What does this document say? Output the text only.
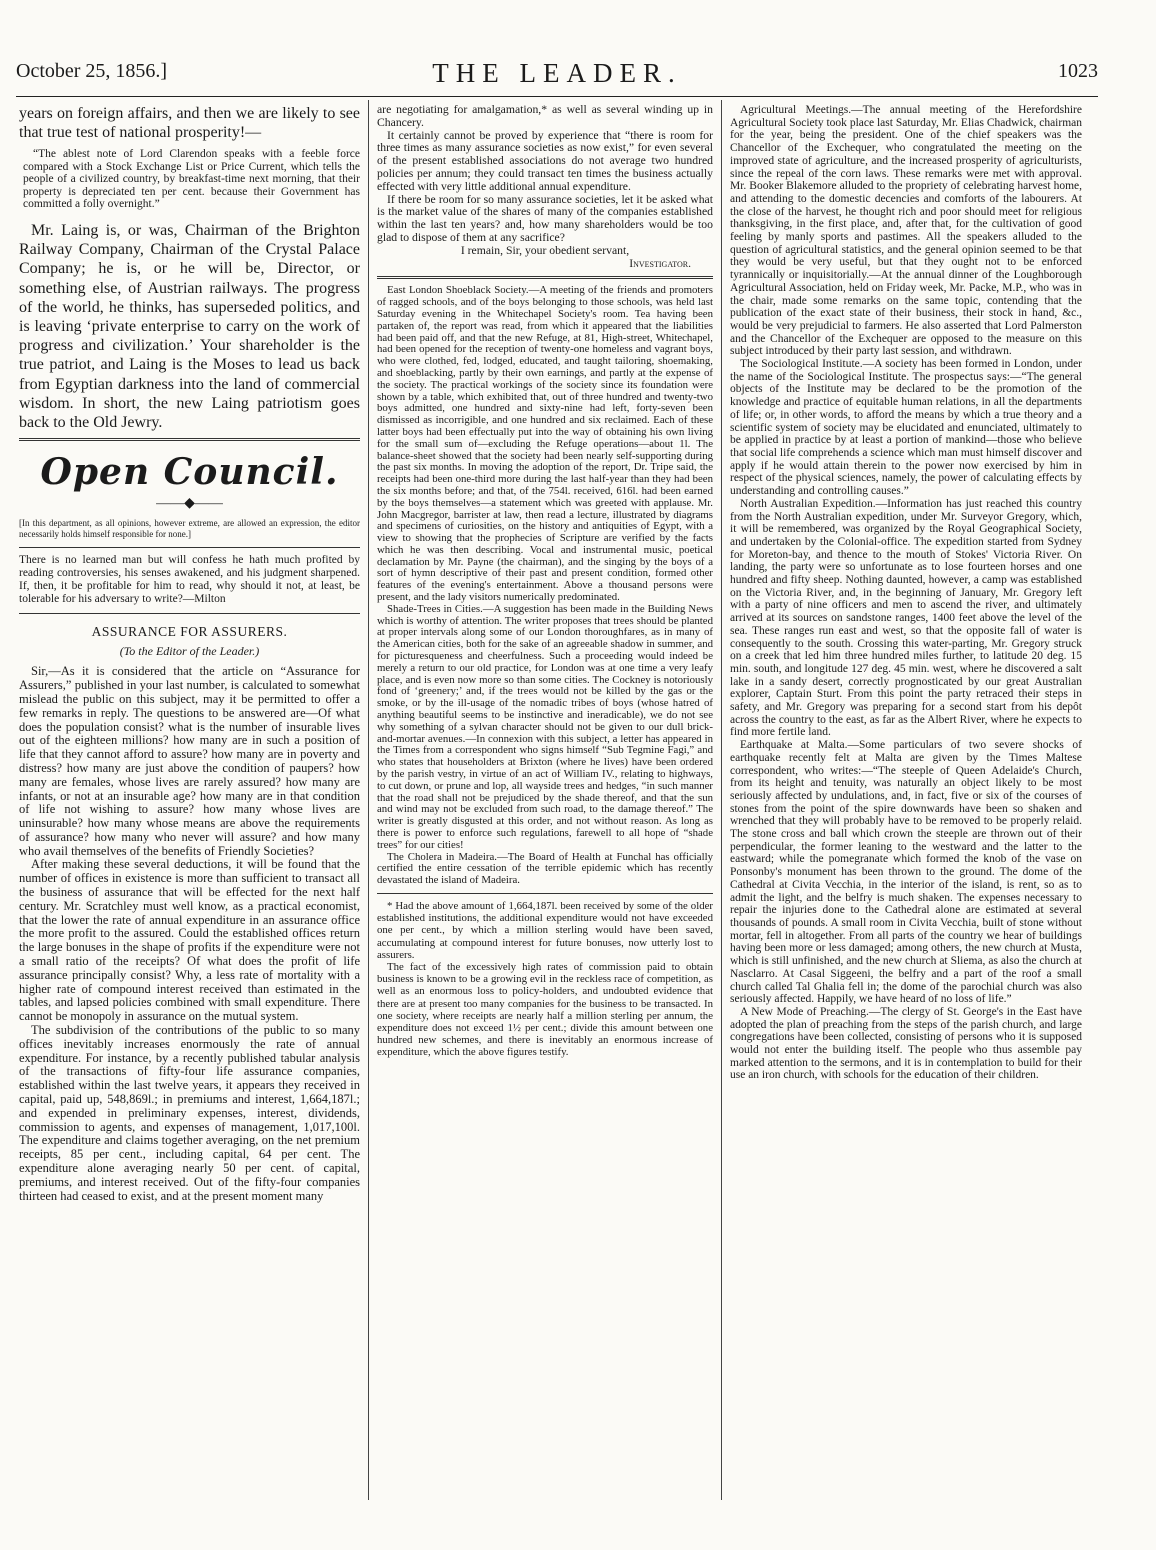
October 25, 1856.]	THE LEADER.	1023

years on foreign affairs, and then we are likely to see that true test of national prosperity!—

“The ablest note of Lord Clarendon speaks with a feeble force compared with a Stock Exchange List or Price Current, which tells the people of a civilized country, by breakfast-time next morning, that their property is depreciated ten per cent. because their Government has committed a folly overnight.”

Mr. Laing is, or was, Chairman of the Brighton Railway Company, Chairman of the Crystal Palace Company; he is, or he will be, Director, or something else, of Austrian railways. The progress of the world, he thinks, has superseded politics, and is leaving ‘private enterprise to carry on the work of progress and civilization.’ Your shareholder is the true patriot, and Laing is the Moses to lead us back from Egyptian darkness into the land of commercial wisdom. In short, the new Laing patriotism goes back to the Old Jewry.

Open Council.
——◆——

[In this department, as all opinions, however extreme, are allowed an expression, the editor necessarily holds himself responsible for none.]

There is no learned man but will confess he hath much profited by reading controversies, his senses awakened, and his judgment sharpened. If, then, it be profitable for him to read, why should it not, at least, be tolerable for his adversary to write?—Milton

ASSURANCE FOR ASSURERS.

(To the Editor of the Leader.)

Sir,—As it is considered that the article on “Assurance for Assurers,” published in your last number, is calculated to somewhat mislead the public on this subject, may it be permitted to offer a few remarks in reply. The questions to be answered are—Of what does the population consist? what is the number of insurable lives out of the eighteen millions? how many are in such a position of life that they cannot afford to assure? how many are in poverty and distress? how many are just above the condition of paupers? how many are females, whose lives are rarely assured? how many are infants, or not at an insurable age? how many are in that condition of life not wishing to assure? how many whose lives are uninsurable? how many whose means are above the requirements of assurance? how many who never will assure? and how many who avail themselves of the benefits of Friendly Societies?

After making these several deductions, it will be found that the number of offices in existence is more than sufficient to transact all the business of assurance that will be effected for the next half century. Mr. Scratchley must well know, as a practical economist, that the lower the rate of annual expenditure in an assurance office the more profit to the assured. Could the established offices return the large bonuses in the shape of profits if the expenditure were not a small ratio of the receipts? Of what does the profit of life assurance principally consist? Why, a less rate of mortality with a higher rate of compound interest received than estimated in the tables, and lapsed policies combined with small expenditure. There cannot be monopoly in assurance on the mutual system.

The subdivision of the contributions of the public to so many offices inevitably increases enormously the rate of annual expenditure. For instance, by a recently published tabular analysis of the transactions of fifty-four life assurance companies, established within the last twelve years, it appears they received in capital, paid up, 548,869l.; in premiums and interest, 1,664,187l.; and expended in preliminary expenses, interest, dividends, commission to agents, and expenses of management, 1,017,100l. The expenditure and claims together averaging, on the net premium receipts, 85 per cent., including capital, 64 per cent. The expenditure alone averaging nearly 50 per cent. of capital, premiums, and interest received. Out of the fifty-four companies thirteen had ceased to exist, and at the present moment many

are negotiating for amalgamation,* as well as several winding up in Chancery.

It certainly cannot be proved by experience that “there is room for three times as many assurance societies as now exist,” for even several of the present established associations do not average two hundred policies per annum; they could transact ten times the business actually effected with very little additional annual expenditure.

If there be room for so many assurance societies, let it be asked what is the market value of the shares of many of the companies established within the last ten years? and, how many shareholders would be too glad to dispose of them at any sacrifice?

I remain, Sir, your obedient servant,

Investigator.

East London Shoeblack Society.—A meeting of the friends and promoters of ragged schools, and of the boys belonging to those schools, was held last Saturday evening in the Whitechapel Society's room. Tea having been partaken of, the report was read, from which it appeared that the liabilities had been paid off, and that the new Refuge, at 81, High-street, Whitechapel, had been opened for the reception of twenty-one homeless and vagrant boys, who were clothed, fed, lodged, educated, and taught tailoring, shoemaking, and shoeblacking, partly by their own earnings, and partly at the expense of the society. The practical workings of the society since its foundation were shown by a table, which exhibited that, out of three hundred and twenty-two boys admitted, one hundred and sixty-nine had left, forty-seven been dismissed as incorrigible, and one hundred and six reclaimed. Each of these latter boys had been effectually put into the way of obtaining his own living for the small sum of—excluding the Refuge operations—about 1l. The balance-sheet showed that the society had been nearly self-supporting during the past six months. In moving the adoption of the report, Dr. Tripe said, the receipts had been one-third more during the last half-year than they had been the six months before; and that, of the 754l. received, 616l. had been earned by the boys themselves—a statement which was greeted with applause. Mr. John Macgregor, barrister at law, then read a lecture, illustrated by diagrams and specimens of curiosities, on the history and antiquities of Egypt, with a view to showing that the prophecies of Scripture are verified by the facts which he was then describing. Vocal and instrumental music, poetical declamation by Mr. Payne (the chairman), and the singing by the boys of a sort of hymn descriptive of their past and present condition, formed other features of the evening's entertainment. Above a thousand persons were present, and the lady visitors numerically predominated.

Shade-Trees in Cities.—A suggestion has been made in the Building News which is worthy of attention. The writer proposes that trees should be planted at proper intervals along some of our London thoroughfares, as in many of the American cities, both for the sake of an agreeable shadow in summer, and for picturesqueness and cheerfulness. Such a proceeding would indeed be merely a return to our old practice, for London was at one time a very leafy place, and is even now more so than some cities. The Cockney is notoriously fond of ‘greenery;’ and, if the trees would not be killed by the gas or the smoke, or by the ill-usage of the nomadic tribes of boys (whose hatred of anything beautiful seems to be instinctive and ineradicable), we do not see why something of a sylvan character should not be given to our dull brick-and-mortar avenues.—In connexion with this subject, a letter has appeared in the Times from a correspondent who signs himself “Sub Tegmine Fagi,” and who states that householders at Brixton (where he lives) have been ordered by the parish vestry, in virtue of an act of William IV., relating to highways, to cut down, or prune and lop, all wayside trees and hedges, “in such manner that the road shall not be prejudiced by the shade thereof, and that the sun and wind may not be excluded from such road, to the damage thereof.” The writer is greatly disgusted at this order, and not without reason. As long as there is power to enforce such regulations, farewell to all hope of “shade trees” for our cities!

The Cholera in Madeira.—The Board of Health at Funchal has officially certified the entire cessation of the terrible epidemic which has recently devastated the island of Madeira.

* Had the above amount of 1,664,187l. been received by some of the older established institutions, the additional expenditure would not have exceeded one per cent., by which a million sterling would have been saved, accumulating at compound interest for future bonuses, now utterly lost to assurers.

The fact of the excessively high rates of commission paid to obtain business is known to be a growing evil in the reckless race of competition, as well as an enormous loss to policy-holders, and undoubted evidence that there are at present too many companies for the business to be transacted. In one society, where receipts are nearly half a million sterling per annum, the expenditure does not exceed 1½ per cent.; divide this amount between one hundred new schemes, and there is inevitably an enormous increase of expenditure, which the above figures testify.

Agricultural Meetings.—The annual meeting of the Herefordshire Agricultural Society took place last Saturday, Mr. Elias Chadwick, chairman for the year, being the president. One of the chief speakers was the Chancellor of the Exchequer, who congratulated the meeting on the improved state of agriculture, and the increased prosperity of agriculturists, since the repeal of the corn laws. These remarks were met with approval. Mr. Booker Blakemore alluded to the propriety of celebrating harvest home, and attending to the domestic decencies and comforts of the labourers. At the close of the harvest, he thought rich and poor should meet for religious thanksgiving, in the first place, and, after that, for the cultivation of good feeling by manly sports and pastimes. All the speakers alluded to the question of agricultural statistics, and the general opinion seemed to be that they would be very useful, but that they ought not to be enforced tyrannically or inquisitorially.—At the annual dinner of the Loughborough Agricultural Association, held on Friday week, Mr. Packe, M.P., who was in the chair, made some remarks on the same topic, contending that the publication of the exact state of their business, their stock in hand, &c., would be very prejudicial to farmers. He also asserted that Lord Palmerston and the Chancellor of the Exchequer are opposed to the measure on this subject introduced by their party last session, and withdrawn.

The Sociological Institute.—A society has been formed in London, under the name of the Sociological Institute. The prospectus says:—“The general objects of the Institute may be declared to be the promotion of the knowledge and practice of equitable human relations, in all the departments of life; or, in other words, to afford the means by which a true theory and a scientific system of society may be elucidated and enunciated, ultimately to be applied in practice by at least a portion of mankind—those who believe that social life comprehends a science which man must himself discover and apply if he would attain therein to the power now exercised by him in respect of the physical sciences, namely, the power of calculating effects by understanding and controlling causes.”

North Australian Expedition.—Information has just reached this country from the North Australian expedition, under Mr. Surveyor Gregory, which, it will be remembered, was organized by the Royal Geographical Society, and undertaken by the Colonial-office. The expedition started from Sydney for Moreton-bay, and thence to the mouth of Stokes' Victoria River. On landing, the party were so unfortunate as to lose fourteen horses and one hundred and fifty sheep. Nothing daunted, however, a camp was established on the Victoria River, and, in the beginning of January, Mr. Gregory left with a party of nine officers and men to ascend the river, and ultimately arrived at its sources on sandstone ranges, 1400 feet above the level of the sea. These ranges run east and west, so that the opposite fall of water is consequently to the south. Crossing this water-parting, Mr. Gregory struck on a creek that led him three hundred miles further, to latitude 20 deg. 15 min. south, and longitude 127 deg. 45 min. west, where he discovered a salt lake in a sandy desert, correctly prognosticated by our great Australian explorer, Captain Sturt. From this point the party retraced their steps in safety, and Mr. Gregory was preparing for a second start from his depôt across the country to the east, as far as the Albert River, where he expects to find more fertile land.

Earthquake at Malta.—Some particulars of two severe shocks of earthquake recently felt at Malta are given by the Times Maltese correspondent, who writes:—“The steeple of Queen Adelaide's Church, from its height and tenuity, was naturally an object likely to be most seriously affected by undulations, and, in fact, five or six of the courses of stones from the point of the spire downwards have been so shaken and wrenched that they will probably have to be removed to be properly relaid. The stone cross and ball which crown the steeple are thrown out of their perpendicular, the former leaning to the westward and the latter to the eastward; while the pomegranate which formed the knob of the vase on Ponsonby's monument has been thrown to the ground. The dome of the Cathedral at Civita Vecchia, in the interior of the island, is rent, so as to admit the light, and the belfry is much shaken. The expenses necessary to repair the injuries done to the Cathedral alone are estimated at several thousands of pounds. A small room in Civita Vecchia, built of stone without mortar, fell in altogether. From all parts of the country we hear of buildings having been more or less damaged; among others, the new church at Musta, which is still unfinished, and the new church at Sliema, as also the church at Nasclarro. At Casal Siggeeni, the belfry and a part of the roof a small church called Tal Ghalia fell in; the dome of the parochial church was also seriously affected. Happily, we have heard of no loss of life.”

A New Mode of Preaching.—The clergy of St. George's in the East have adopted the plan of preaching from the steps of the parish church, and large congregations have been collected, consisting of persons who it is supposed would not enter the building itself. The people who thus assemble pay marked attention to the sermons, and it is in contemplation to build for their use an iron church, with schools for the education of their children.
